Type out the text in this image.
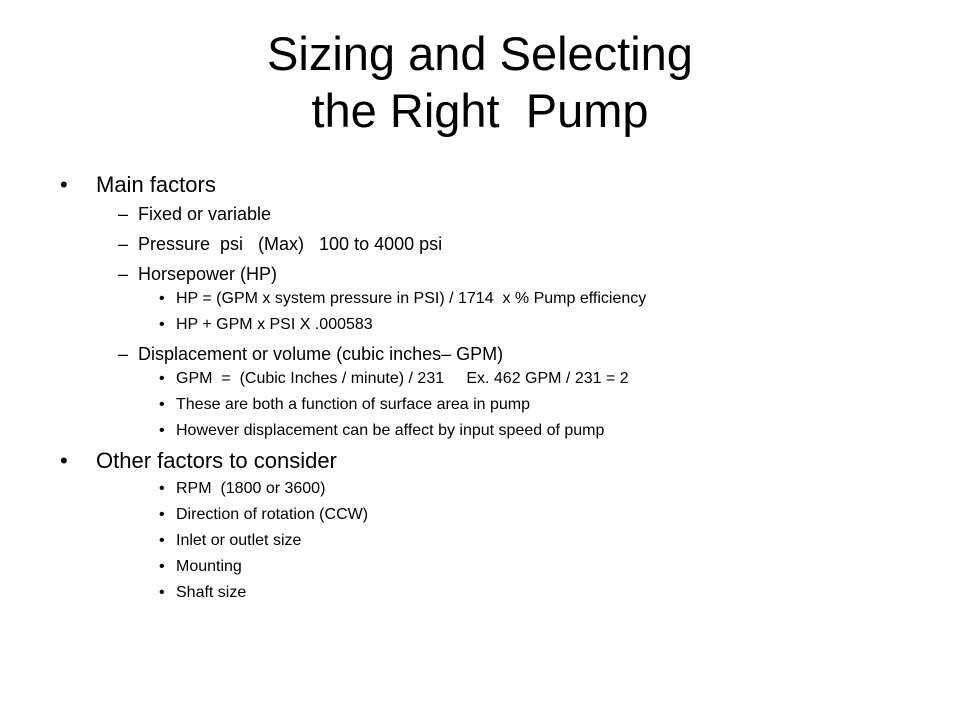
Sizing and Selecting
the Right  Pump
• Main factors
– Fixed or variable
– Pressure  psi   (Max)   100 to 4000 psi
– Horsepower (HP)
• HP = (GPM x system pressure in PSI) / 1714  x % Pump efficiency
• HP + GPM x PSI X .000583
– Displacement or volume (cubic inches– GPM)
• GPM  =  (Cubic Inches / minute) / 231     Ex. 462 GPM / 231 = 2
• These are both a function of surface area in pump
• However displacement can be affect by input speed of pump
• Other factors to consider
• RPM  (1800 or 3600)
• Direction of rotation (CCW)
• Inlet or outlet size
• Mounting
• Shaft size
